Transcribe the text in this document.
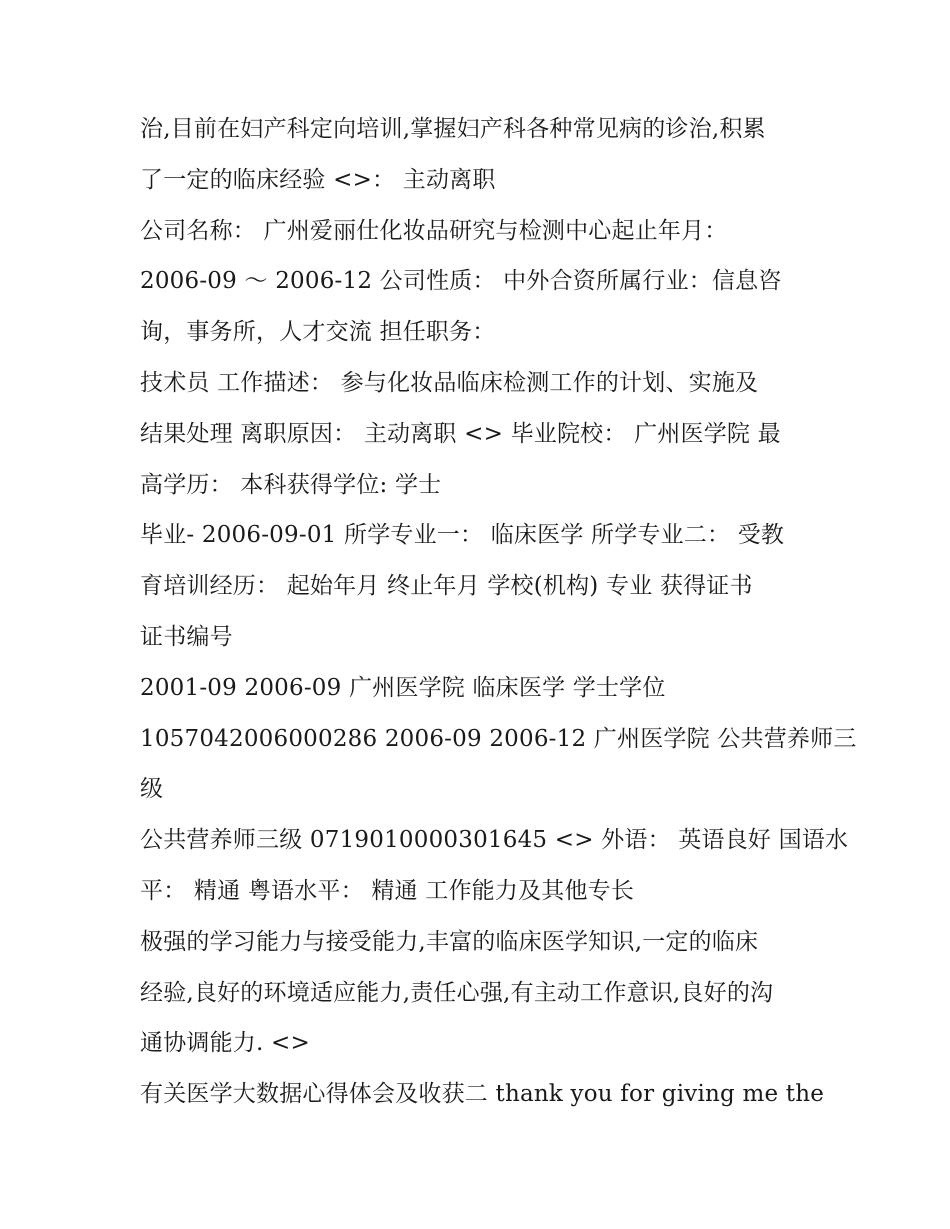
治,目前在妇产科定向培训,掌握妇产科各种常见病的诊治,积累
了一定的临床经验 <>： 主动离职
公司名称： 广州爱丽仕化妆品研究与检测中心起止年月：
2006-09 ～ 2006-12 公司性质： 中外合资所属行业：信息咨
询，事务所，人才交流 担任职务：
技术员 工作描述： 参与化妆品临床检测工作的计划、实施及
结果处理 离职原因： 主动离职 <> 毕业院校： 广州医学院 最
高学历： 本科获得学位: 学士
毕业- 2006-09-01 所学专业一： 临床医学 所学专业二： 受教
育培训经历： 起始年月 终止年月 学校(机构) 专业 获得证书
证书编号
2001-09 2006-09 广州医学院 临床医学 学士学位
1057042006000286 2006-09 2006-12 广州医学院 公共营养师三
级
公共营养师三级 0719010000301645 <> 外语： 英语良好 国语水
平： 精通 粤语水平： 精通 工作能力及其他专长
极强的学习能力与接受能力,丰富的临床医学知识,一定的临床
经验,良好的环境适应能力,责任心强,有主动工作意识,良好的沟
通协调能力. <>
有关医学大数据心得体会及收获二 thank you for giving me the
